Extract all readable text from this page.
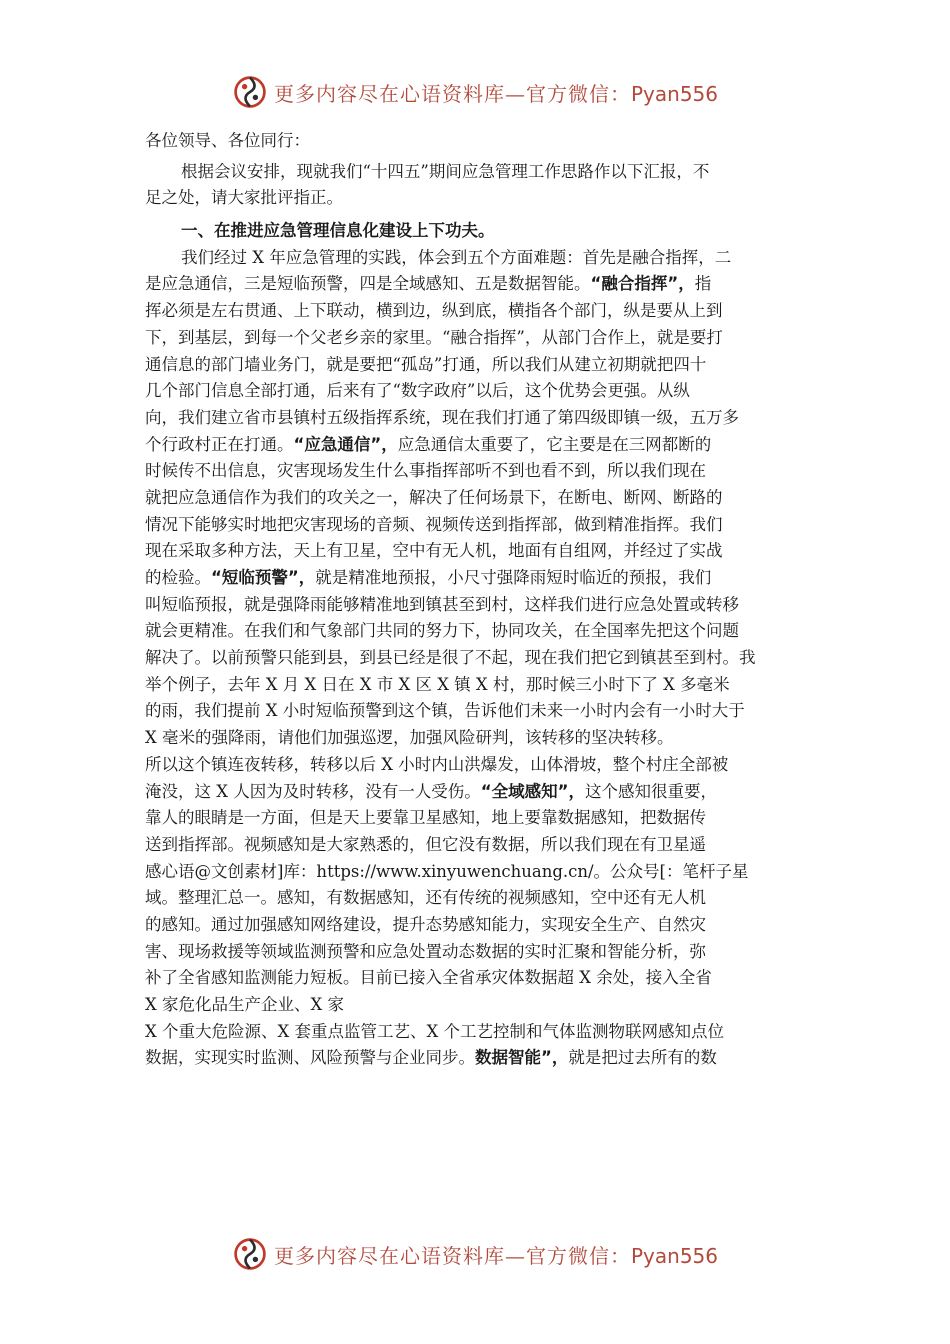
更多内容尽在心语资料库—官方微信：Pyan556
各位领导、各位同行：
根据会议安排，现就我们“十四五”期间应急管理工作思路作以下汇报，不
足之处，请大家批评指正。
一、在推进应急管理信息化建设上下功夫。
我们经过 X 年应急管理的实践，体会到五个方面难题：首先是融合指挥，二
是应急通信，三是短临预警，四是全域感知、五是数据智能。“融合指挥”，指
挥必须是左右贯通、上下联动，横到边，纵到底，横指各个部门，纵是要从上到
下，到基层，到每一个父老乡亲的家里。“融合指挥”，从部门合作上，就是要打
通信息的部门墙业务门，就是要把“孤岛”打通，所以我们从建立初期就把四十
几个部门信息全部打通，后来有了“数字政府”以后，这个优势会更强。从纵
向，我们建立省市县镇村五级指挥系统，现在我们打通了第四级即镇一级，五万多
个行政村正在打通。“应急通信”，应急通信太重要了，它主要是在三网都断的
时候传不出信息，灾害现场发生什么事指挥部听不到也看不到，所以我们现在
就把应急通信作为我们的攻关之一，解决了任何场景下，在断电、断网、断路的
情况下能够实时地把灾害现场的音频、视频传送到指挥部，做到精准指挥。我们
现在采取多种方法，天上有卫星，空中有无人机，地面有自组网，并经过了实战
的检验。“短临预警”，就是精准地预报，小尺寸强降雨短时临近的预报，我们
叫短临预报，就是强降雨能够精准地到镇甚至到村，这样我们进行应急处置或转移
就会更精准。在我们和气象部门共同的努力下，协同攻关，在全国率先把这个问题
解决了。以前预警只能到县，到县已经是很了不起，现在我们把它到镇甚至到村。我
举个例子，去年 X 月 X 日在 X 市 X 区 X 镇 X 村，那时候三小时下了 X 多毫米
的雨，我们提前 X 小时短临预警到这个镇，告诉他们未来一小时内会有一小时大于
X 毫米的强降雨，请他们加强巡逻，加强风险研判，该转移的坚决转移。
所以这个镇连夜转移，转移以后 X 小时内山洪爆发，山体滑坡，整个村庄全部被
淹没，这 X 人因为及时转移，没有一人受伤。“全域感知”，这个感知很重要，
靠人的眼睛是一方面，但是天上要靠卫星感知，地上要靠数据感知，把数据传
送到指挥部。视频感知是大家熟悉的，但它没有数据，所以我们现在有卫星遥
感心语@文创素材]库：https://www.xinyuwenchuang.cn/。公众号[：笔杆子星
域。整理汇总一。感知，有数据感知，还有传统的视频感知，空中还有无人机
的感知。通过加强感知网络建设，提升态势感知能力，实现安全生产、自然灾
害、现场救援等领域监测预警和应急处置动态数据的实时汇聚和智能分析，弥
补了全省感知监测能力短板。目前已接入全省承灾体数据超 X 余处，接入全省
X 家危化品生产企业、X 家
X 个重大危险源、X 套重点监管工艺、X 个工艺控制和气体监测物联网感知点位
数据，实现实时监测、风险预警与企业同步。数据智能”，就是把过去所有的数
更多内容尽在心语资料库—官方微信：Pyan556
